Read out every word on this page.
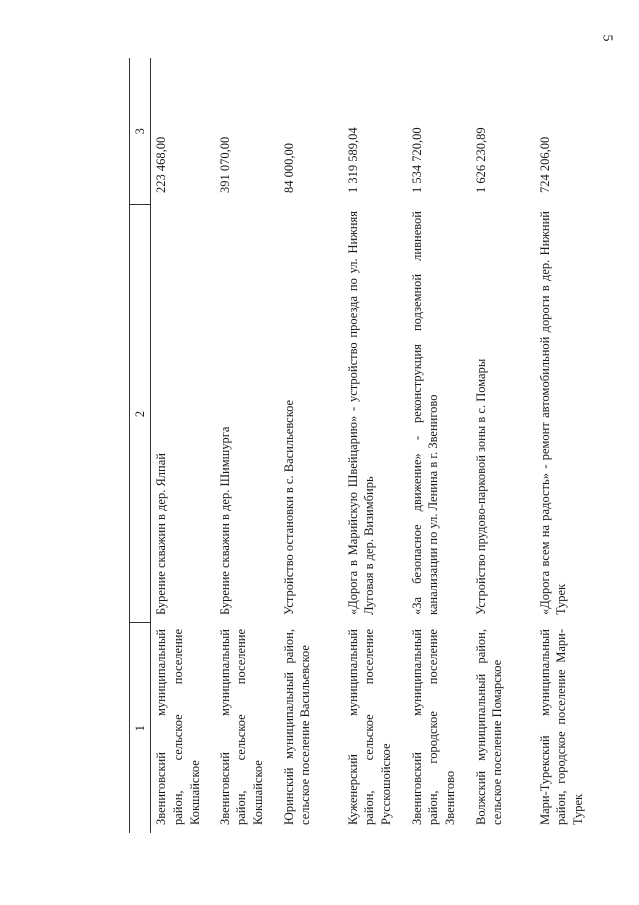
5
1	2	3
Звениговский муниципальный район, сельское поселение Кокшайское	Бурение скважин в дер. Ялпай	223 468,00
Звениговский муниципальный район, сельское поселение Кокшайское	Бурение скважин в дер. Шимшурга	391 070,00
Юринский муниципальный район, сельское поселение Васильевское	Устройство остановки в с. Васильевское	84 000,00
Куженерский муниципальный район, сельское поселение Русскошойское	«Дорога в Марийскую Швейцарию» - устройство проезда по ул. Нижняя Луговая в дер. Визимбирь	1 319 589,04
Звениговский муниципальный район, городское поселение Звенигово	«За безопасное движение» - реконструкция подземной ливневой канализации по ул. Ленина в г. Звенигово	1 534 720,00
Волжский муниципальный район, сельское поселение Помарское	Устройство прудово-парковой зоны в с. Помары	1 626 230,89
Мари-Турекский муниципальный район, городское поселение Мари-Турек	«Дорога всем на радость» - ремонт автомобильной дороги в дер. Нижний Турек	724 206,00
